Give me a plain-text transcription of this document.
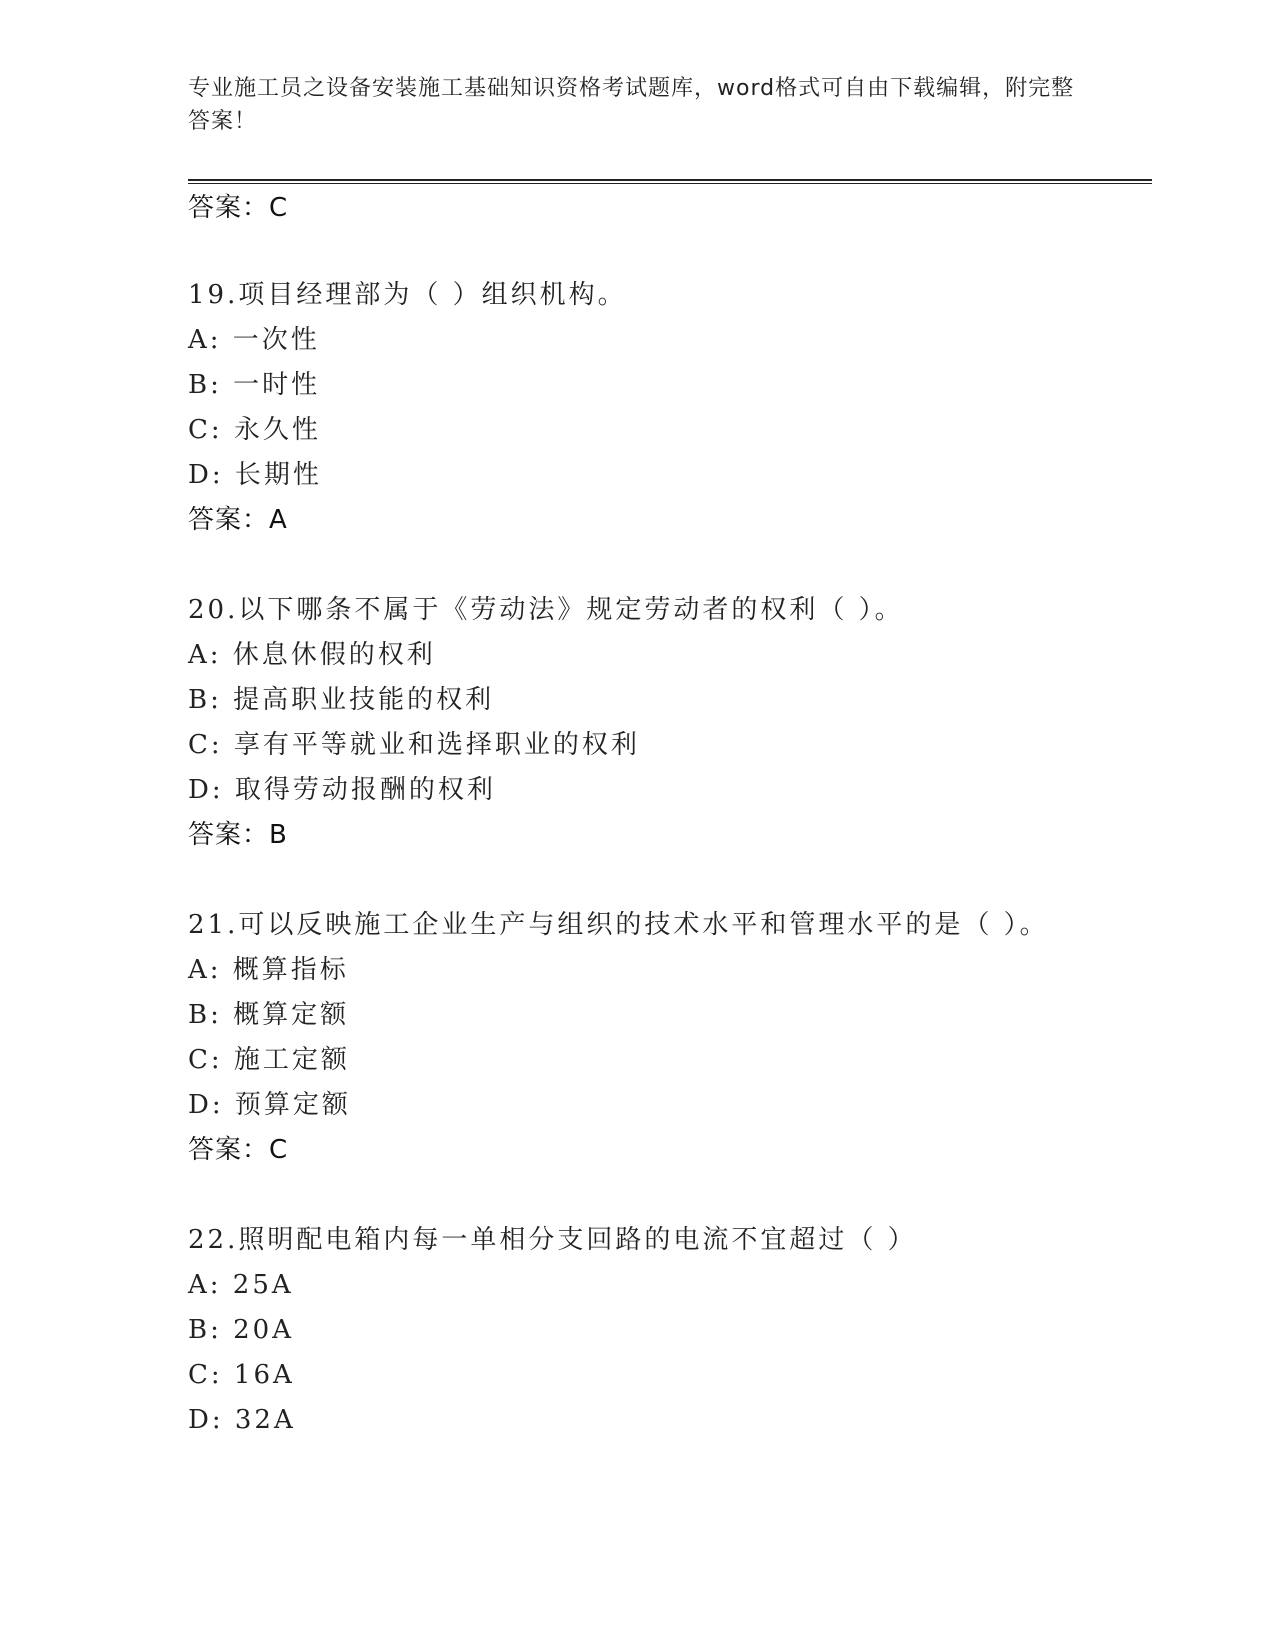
专业施工员之设备安装施工基础知识资格考试题库，word格式可自由下载编辑，附完整答案！
答案：C
19.项目经理部为（ ）组织机构。
A: 一次性
B: 一时性
C: 永久性
D: 长期性
答案：A
20.以下哪条不属于《劳动法》规定劳动者的权利（ ）。
A: 休息休假的权利
B: 提高职业技能的权利
C: 享有平等就业和选择职业的权利
D: 取得劳动报酬的权利
答案：B
21.可以反映施工企业生产与组织的技术水平和管理水平的是（ ）。
A: 概算指标
B: 概算定额
C: 施工定额
D: 预算定额
答案：C
22.照明配电箱内每一单相分支回路的电流不宜超过（ ）
A: 25A
B: 20A
C: 16A
D: 32A
